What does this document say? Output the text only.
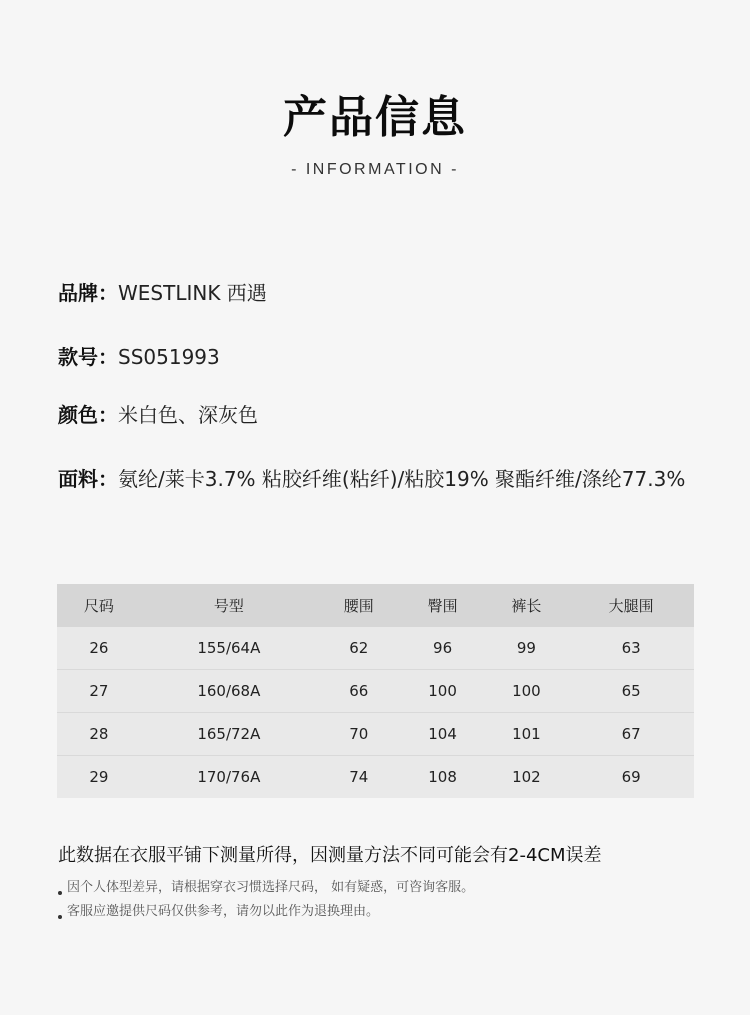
产品信息
- INFORMATION -
品牌： WESTLINK 西遇
款号： SS051993
颜色： 米白色、深灰色
面料： 氨纶/莱卡3.7% 粘胶纤维(粘纤)/粘胶19% 聚酯纤维/涤纶77.3%
尺码	号型	腰围	臀围	裤长	大腿围
26	155/64A	62	96	99	63
27	160/68A	66	100	100	65
28	165/72A	70	104	101	67
29	170/76A	74	108	102	69
此数据在衣服平铺下测量所得，因测量方法不同可能会有2-4CM误差
因个人体型差异，请根据穿衣习惯选择尺码， 如有疑惑，可咨询客服。
客服应邀提供尺码仅供参考，请勿以此作为退换理由。
